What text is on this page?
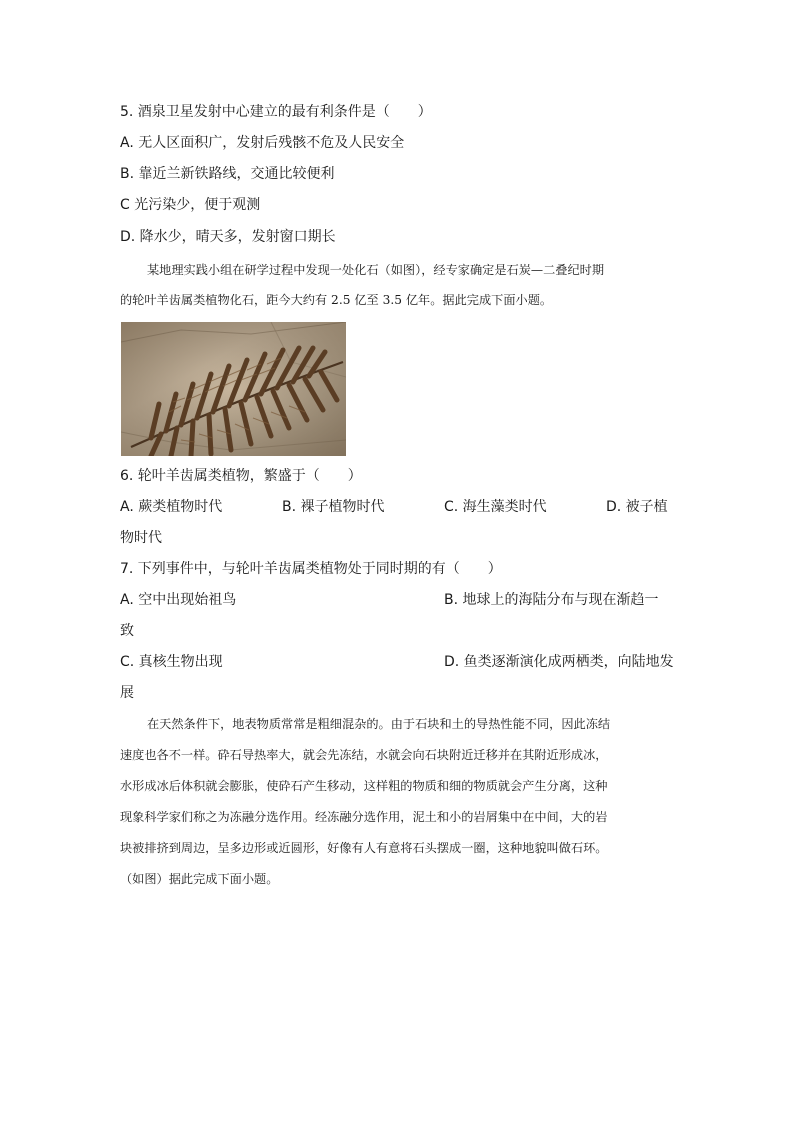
5. 酒泉卫星发射中心建立的最有利条件是（　　）
A. 无人区面积广，发射后残骸不危及人民安全
B. 靠近兰新铁路线，交通比较便利
C 光污染少，便于观测
D. 降水少，晴天多，发射窗口期长
某地理实践小组在研学过程中发现一处化石（如图），经专家确定是石炭—二叠纪时期
的轮叶羊齿属类植物化石，距今大约有 2.5 亿至 3.5 亿年。据此完成下面小题。
6. 轮叶羊齿属类植物，繁盛于（　　）
A. 蕨类植物时代	B. 裸子植物时代	C. 海生藻类时代	D. 被子植
物时代
7. 下列事件中，与轮叶羊齿属类植物处于同时期的有（　　）
A. 空中出现始祖鸟	B. 地球上的海陆分布与现在渐趋一
致
C. 真核生物出现	D. 鱼类逐渐演化成两栖类，向陆地发
展
在天然条件下，地表物质常常是粗细混杂的。由于石块和土的导热性能不同，因此冻结
速度也各不一样。砕石导热率大，就会先冻结，水就会向石块附近迁移并在其附近形成冰，
水形成冰后体积就会膨胀，使砕石产生移动，这样粗的物质和细的物质就会产生分离，这种
现象科学家们称之为冻融分选作用。经冻融分选作用，泥土和小的岩屑集中在中间，大的岩
块被排挤到周边，呈多边形或近圆形，好像有人有意将石头摆成一圈，这种地貌叫做石环。
（如图）据此完成下面小题。
